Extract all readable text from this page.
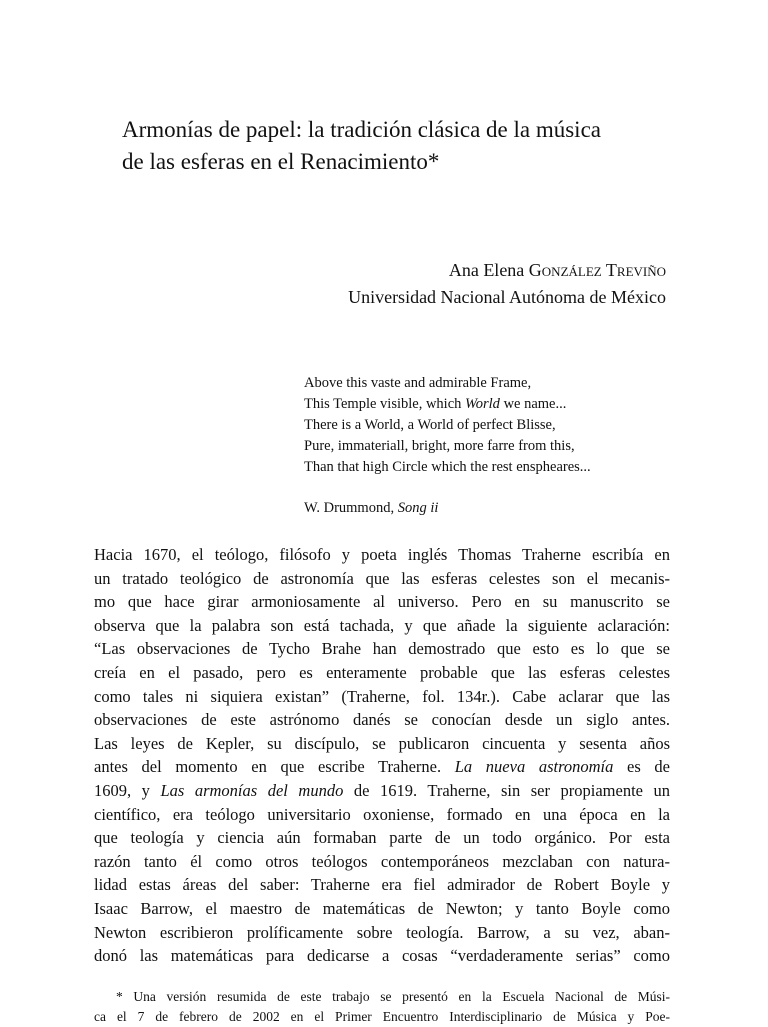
Armonías de papel: la tradición clásica de la música
de las esferas en el Renacimiento*
Ana Elena González Treviño
Universidad Nacional Autónoma de México
Above this vaste and admirable Frame,
This Temple visible, which World we name...
There is a World, a World of perfect Blisse,
Pure, immateriall, bright, more farre from this,
Than that high Circle which the rest enspheares...
W. Drummond, Song ii
Hacia 1670, el teólogo, filósofo y poeta inglés Thomas Traherne escribía en
un tratado teológico de astronomía que las esferas celestes son el mecanis-
mo que hace girar armoniosamente al universo. Pero en su manuscrito se
observa que la palabra son está tachada, y que añade la siguiente aclaración:
“Las observaciones de Tycho Brahe han demostrado que esto es lo que se
creía en el pasado, pero es enteramente probable que las esferas celestes
como tales ni siquiera existan” (Traherne, fol. 134r.). Cabe aclarar que las
observaciones de este astrónomo danés se conocían desde un siglo antes.
Las leyes de Kepler, su discípulo, se publicaron cincuenta y sesenta años
antes del momento en que escribe Traherne. La nueva astronomía es de
1609, y Las armonías del mundo de 1619. Traherne, sin ser propiamente un
científico, era teólogo universitario oxoniense, formado en una época en la
que teología y ciencia aún formaban parte de un todo orgánico. Por esta
razón tanto él como otros teólogos contemporáneos mezclaban con natura-
lidad estas áreas del saber: Traherne era fiel admirador de Robert Boyle y
Isaac Barrow, el maestro de matemáticas de Newton; y tanto Boyle como
Newton escribieron prolíficamente sobre teología. Barrow, a su vez, aban-
donó las matemáticas para dedicarse a cosas “verdaderamente serias” como
* Una versión resumida de este trabajo se presentó en la Escuela Nacional de Músi-
ca el 7 de febrero de 2002 en el Primer Encuentro Interdisciplinario de Música y Poe-
